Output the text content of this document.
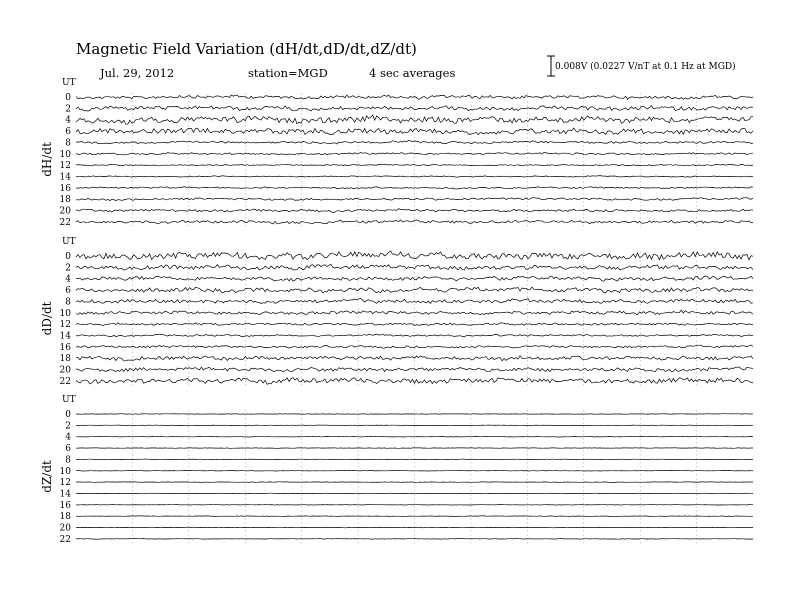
Magnetic Field Variation (dH/dt,dD/dt,dZ/dt)
Jul. 29, 2012	station=MGD	4 sec averages	0.008V (0.0227 V/nT at 0.1 Hz at MGD)
UT
dH/dt
0
2
4
6
8
10
12
14
16
18
20
22
UT
dD/dt
0
2
4
6
8
10
12
14
16
18
20
22
UT
dZ/dt
0
2
4
6
8
10
12
14
16
18
20
22
